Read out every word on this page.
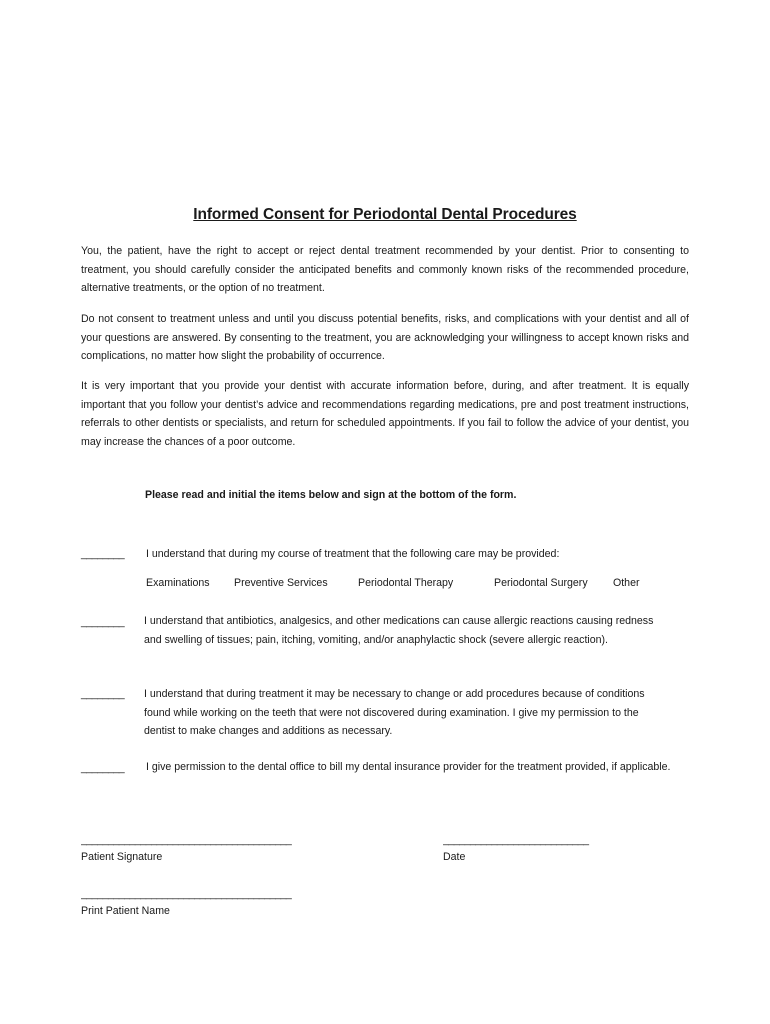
Informed Consent for Periodontal Dental Procedures
You, the patient, have the right to accept or reject dental treatment recommended by your dentist. Prior to consenting to treatment, you should carefully consider the anticipated benefits and commonly known risks of the recommended procedure, alternative treatments, or the option of no treatment.
Do not consent to treatment unless and until you discuss potential benefits, risks, and complications with your dentist and all of your questions are answered. By consenting to the treatment, you are acknowledging your willingness to accept known risks and complications, no matter how slight the probability of occurrence.
It is very important that you provide your dentist with accurate information before, during, and after treatment. It is equally important that you follow your dentist’s advice and recommendations regarding medications, pre and post treatment instructions, referrals to other dentists or specialists, and return for scheduled appointments. If you fail to follow the advice of your dentist, you may increase the chances of a poor outcome.
Please read and initial the items below and sign at the bottom of the form.
________ I understand that during my course of treatment that the following care may be provided:
Examinations Preventive Services	Periodontal Therapy	Periodontal Surgery Other
________ I understand that antibiotics, analgesics, and other medications can cause allergic reactions causing redness and swelling of tissues; pain, itching, vomiting, and/or anaphylactic shock (severe allergic reaction).
________ I understand that during treatment it may be necessary to change or add procedures because of conditions found while working on the teeth that were not discovered during examination. I give my permission to the dentist to make changes and additions as necessary.
________ I give permission to the dental office to bill my dental insurance provider for the treatment provided, if applicable.
_______________________________________
Patient Signature
___________________________
Date
_______________________________________
Print Patient Name
